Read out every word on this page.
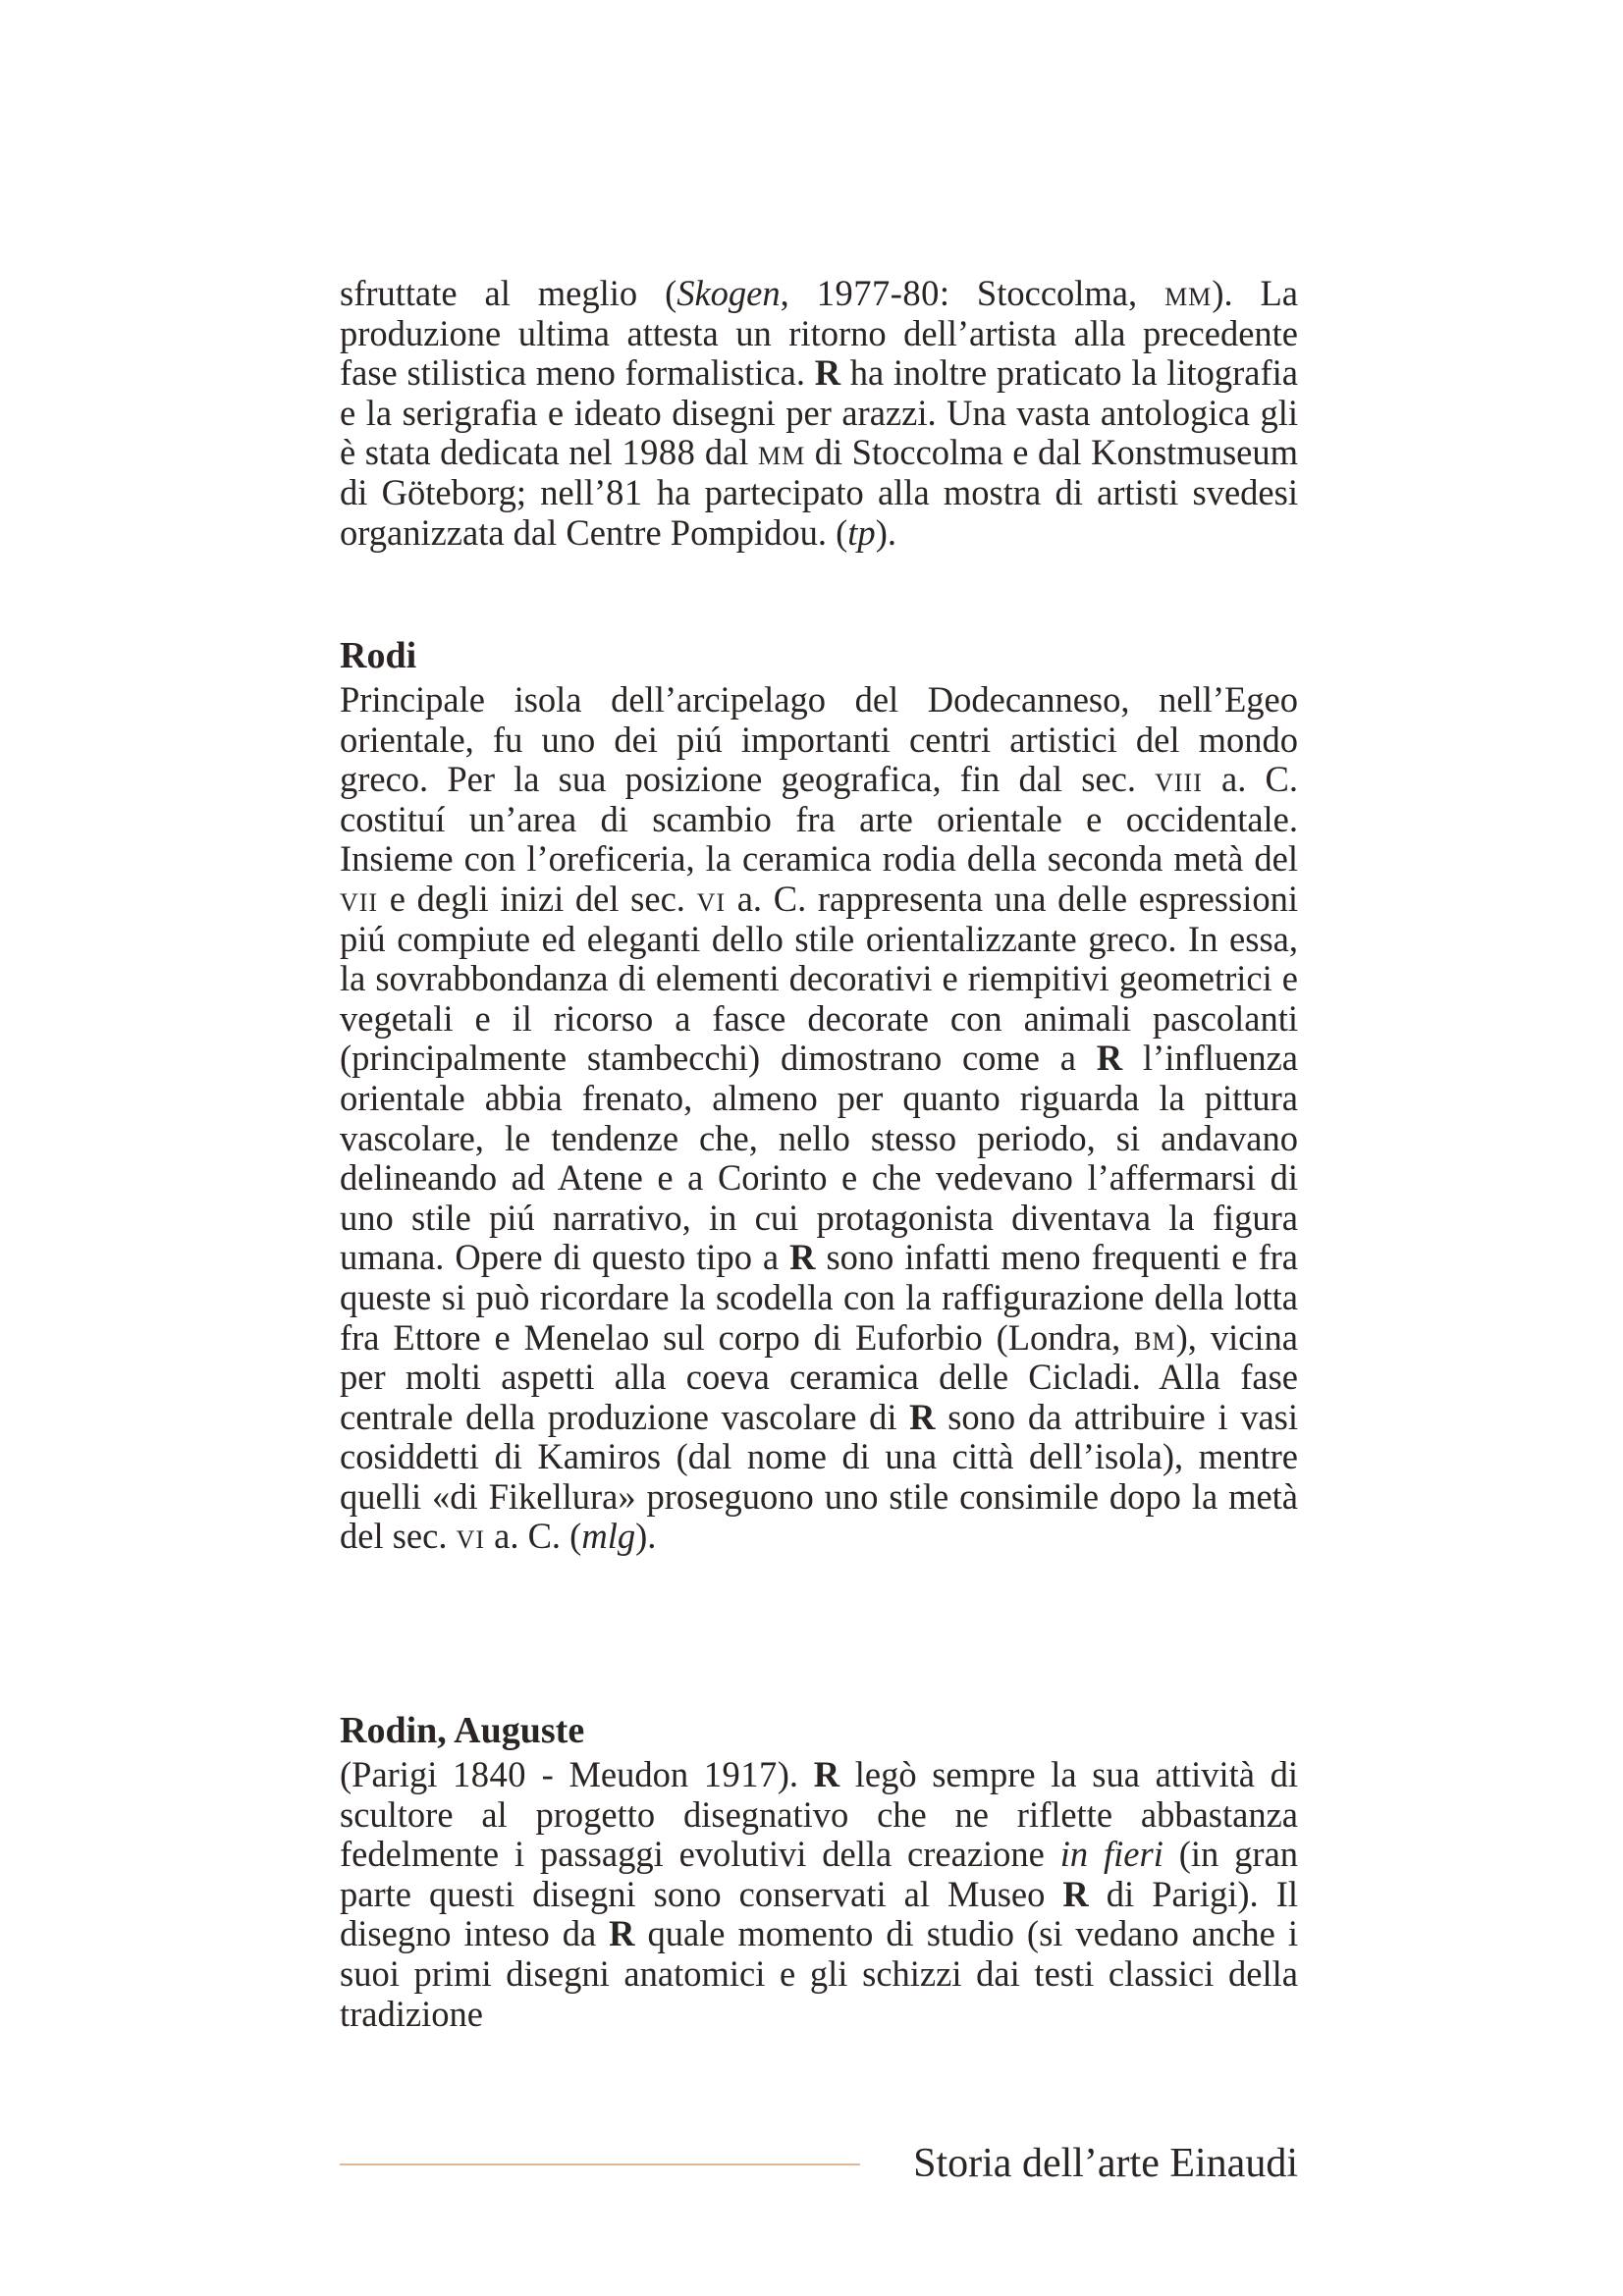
sfruttate al meglio (Skogen, 1977-80: Stoccolma, mm). La produzione ultima attesta un ritorno dell’artista alla precedente fase stilistica meno formalistica. R ha inoltre praticato la litografia e la serigrafia e ideato disegni per arazzi. Una vasta antologica gli è stata dedicata nel 1988 dal mm di Stoccolma e dal Konstmuseum di Göteborg; nell’81 ha partecipato alla mostra di artisti svedesi organizzata dal Centre Pompidou. (tp).

Rodi

Principale isola dell’arcipelago del Dodecanneso, nell’Egeo orientale, fu uno dei piú importanti centri artistici del mondo greco. Per la sua posizione geografica, fin dal sec. viii a. C. costituí un’area di scambio fra arte orientale e occidentale. Insieme con l’oreficeria, la ceramica rodia della seconda metà del vii e degli inizi del sec. vi a. C. rappresenta una delle espressioni piú compiute ed eleganti dello stile orientalizzante greco. In essa, la sovrabbondanza di elementi decorativi e riempitivi geometrici e vegetali e il ricorso a fasce decorate con animali pascolanti (principalmente stambecchi) dimostrano come a R l’influenza orientale abbia frenato, almeno per quanto riguarda la pittura vascolare, le tendenze che, nello stesso periodo, si andavano delineando ad Atene e a Corinto e che vedevano l’affermarsi di uno stile piú narrativo, in cui protagonista diventava la figura umana. Opere di questo tipo a R sono infatti meno frequenti e fra queste si può ricordare la scodella con la raffigurazione della lotta fra Ettore e Menelao sul corpo di Euforbio (Londra, bm), vicina per molti aspetti alla coeva ceramica delle Cicladi. Alla fase centrale della produzione vascolare di R sono da attribuire i vasi cosiddetti di Kamiros (dal nome di una città dell’isola), mentre quelli «di Fikellura» proseguono uno stile consimile dopo la metà del sec. vi a. C. (mlg).

Rodin, Auguste

(Parigi 1840 - Meudon 1917). R legò sempre la sua attività di scultore al progetto disegnativo che ne riflette abbastanza fedelmente i passaggi evolutivi della creazione in fieri (in gran parte questi disegni sono conservati al Museo R di Parigi). Il disegno inteso da R quale momento di studio (si vedano anche i suoi primi disegni anatomici e gli schizzi dai testi classici della tradizione

Storia dell’arte Einaudi
